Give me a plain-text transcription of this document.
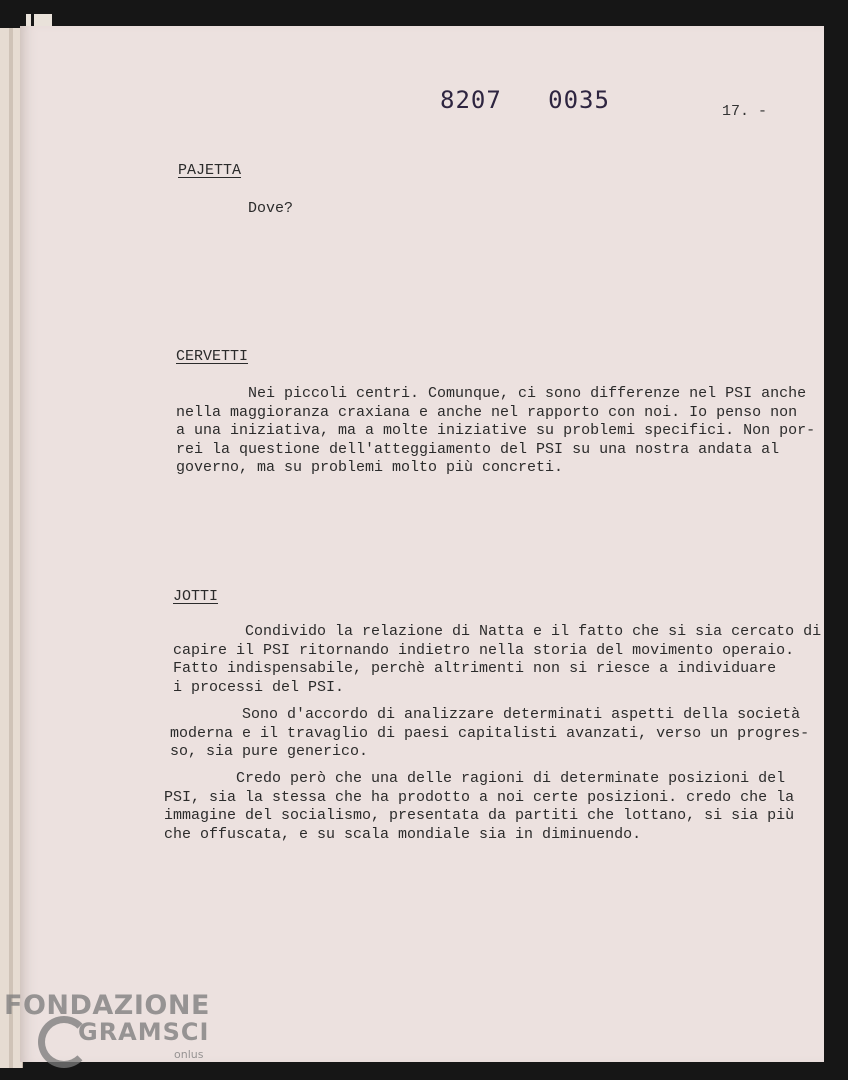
8207   0035	17. -
PAJETTA

Dove?

CERVETTI

Nei piccoli centri. Comunque, ci sono differenze nel PSI anche
nella maggioranza craxiana e anche nel rapporto con noi. Io penso non
a una iniziativa, ma a molte iniziative su problemi specifici. Non por-
rei la questione dell'atteggiamento del PSI su una nostra andata al
governo, ma su problemi molto più concreti.

JOTTI

Condivido la relazione di Natta e il fatto che si sia cercato di
capire il PSI ritornando indietro nella storia del movimento operaio.
Fatto indispensabile, perchè altrimenti non si riesce a individuare
i processi del PSI.

Sono d'accordo di analizzare determinati aspetti della società
moderna e il travaglio di paesi capitalisti avanzati, verso un progres-
so, sia pure generico.

Credo però che una delle ragioni di determinate posizioni del
PSI, sia la stessa che ha prodotto a noi certe posizioni. credo che la
immagine del socialismo, presentata da partiti che lottano, si sia più
che offuscata, e su scala mondiale sia in diminuendo.

FONDAZIONE
GRAMSCI
onlus
